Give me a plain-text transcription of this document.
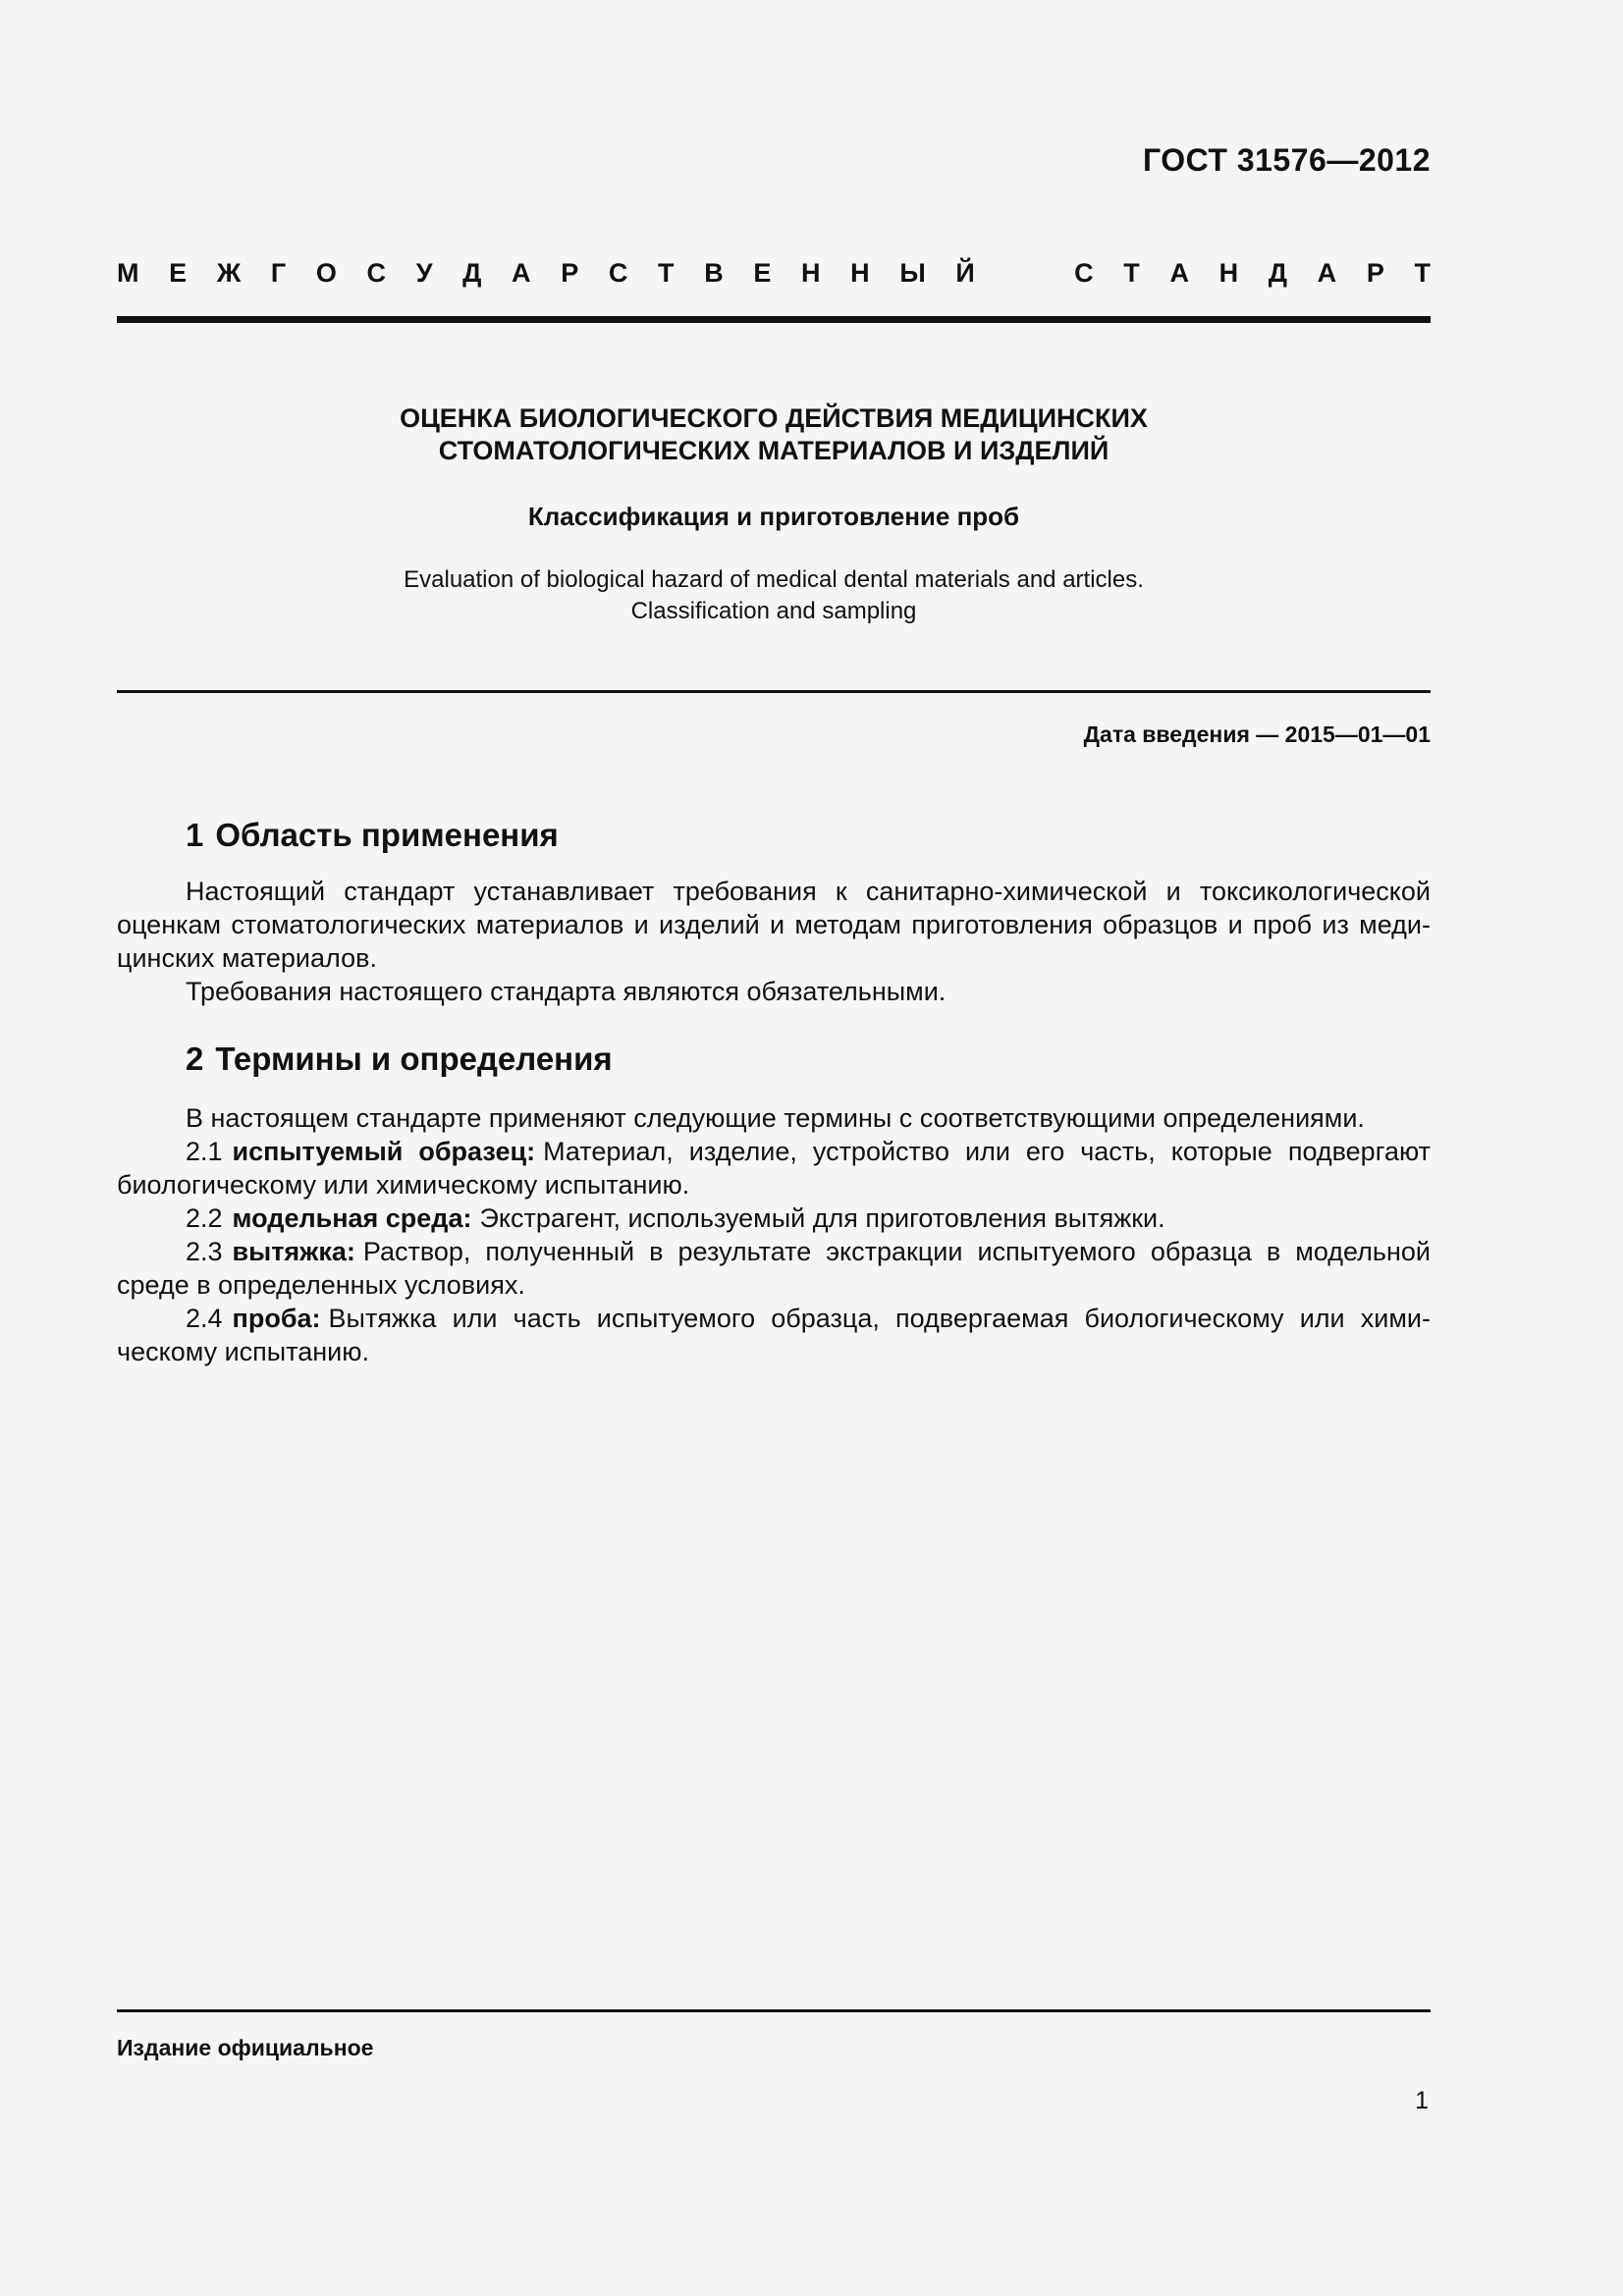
ГОСТ 31576—2012
М Е Ж Г О С У Д А Р С Т В Е Н Н Ы Й	С Т А Н Д А Р Т
ОЦЕНКА БИОЛОГИЧЕСКОГО ДЕЙСТВИЯ МЕДИЦИНСКИХ
СТОМАТОЛОГИЧЕСКИХ МАТЕРИАЛОВ И ИЗДЕЛИЙ
Классификация и приготовление проб
Evaluation of biological hazard of medical dental materials and articles.
Classification and sampling
Дата введения — 2015—01—01
1 Область применения

Настоящий стандарт устанавливает требования к санитарно-химической и токсикологической оценкам стоматологических материалов и изделий и методам приготовления образцов и проб из меди-цинских материалов.

Требования настоящего стандарта являются обязательными.

2 Термины и определения

В настоящем стандарте применяют следующие термины с соответствующими определениями.

2.1 испытуемый образец: Материал, изделие, устройство или его часть, которые подвергают биологическому или химическому испытанию.

2.2 модельная среда: Экстрагент, используемый для приготовления вытяжки.

2.3 вытяжка: Раствор, полученный в результате экстракции испытуемого образца в модельной среде в определенных условиях.

2.4 проба: Вытяжка или часть испытуемого образца, подвергаемая биологическому или хими-ческому испытанию.

Издание официальное
1
